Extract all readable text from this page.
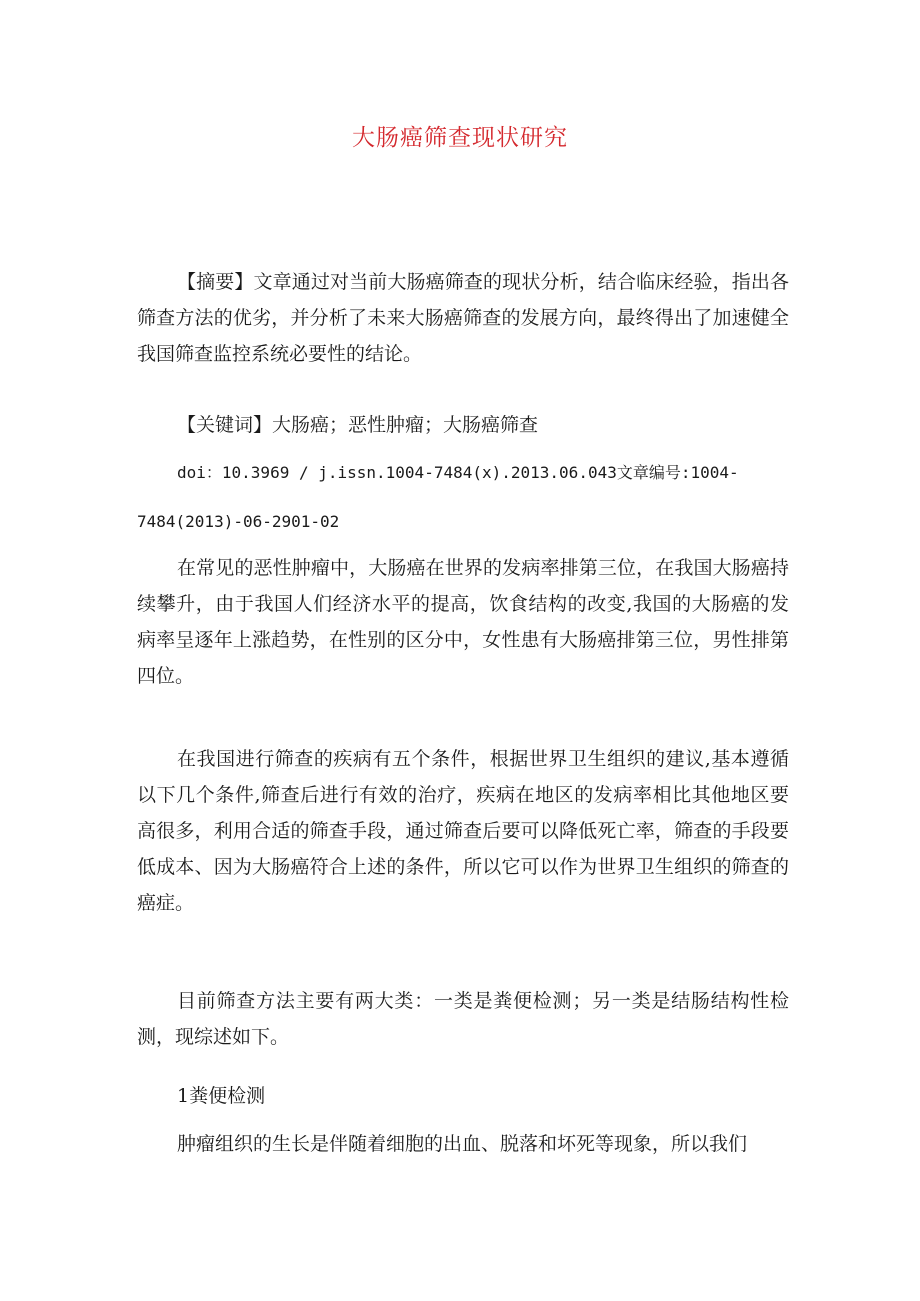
大肠癌筛查现状研究

【摘要】文章通过对当前大肠癌筛查的现状分析，结合临床经验，指出各筛查方法的优劣，并分析了未来大肠癌筛查的发展方向，最终得出了加速健全我国筛查监控系统必要性的结论。

【关键词】大肠癌；恶性肿瘤；大肠癌筛查

doi：10.3969 / j.issn.1004-7484(x).2013.06.043文章编号:1004-

7484(2013)-06-2901-02

在常见的恶性肿瘤中，大肠癌在世界的发病率排第三位，在我国大肠癌持续攀升，由于我国人们经济水平的提高，饮食结构的改变,我国的大肠癌的发病率呈逐年上涨趋势，在性别的区分中，女性患有大肠癌排第三位，男性排第四位。

在我国进行筛查的疾病有五个条件，根据世界卫生组织的建议,基本遵循以下几个条件,筛查后进行有效的治疗，疾病在地区的发病率相比其他地区要高很多，利用合适的筛查手段，通过筛查后要可以降低死亡率，筛查的手段要低成本、因为大肠癌符合上述的条件，所以它可以作为世界卫生组织的筛查的癌症。

目前筛查方法主要有两大类：一类是粪便检测；另一类是结肠结构性检测，现综述如下。

1粪便检测

肿瘤组织的生长是伴随着细胞的出血、脱落和坏死等现象，所以我们
